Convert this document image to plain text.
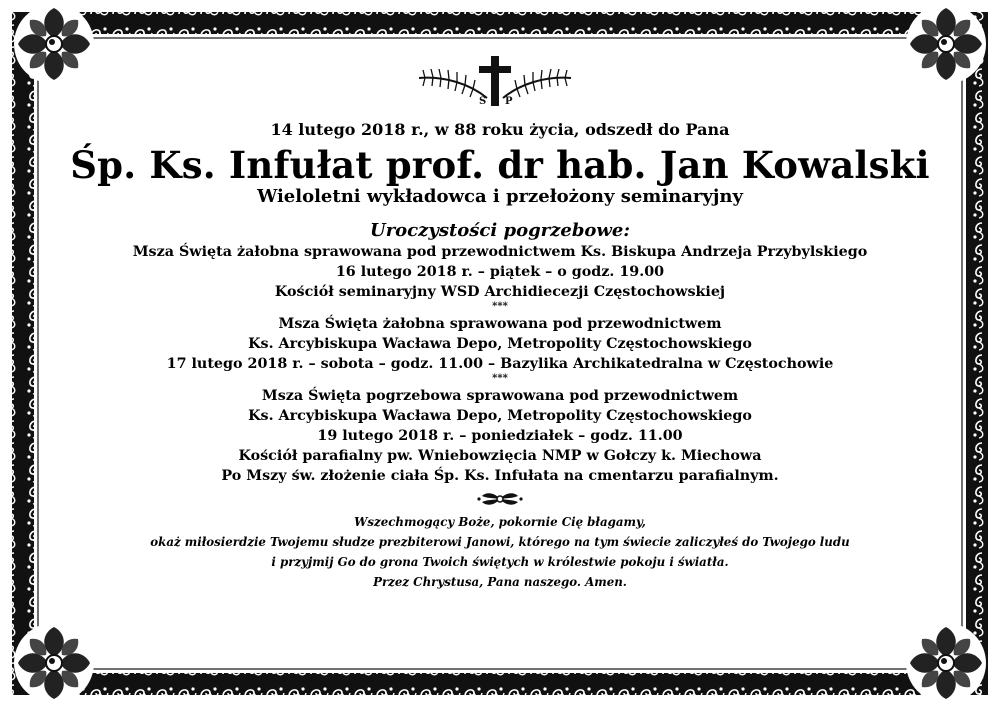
S P
14 lutego 2018 r., w 88 roku życia, odszedł do Pana
Śp. Ks. Infułat prof. dr hab. Jan Kowalski
Wieloletni wykładowca i przełożony seminaryjny
Uroczystości pogrzebowe:
Msza Święta żałobna sprawowana pod przewodnictwem Ks. Biskupa Andrzeja Przybylskiego
16 lutego 2018 r. – piątek – o godz. 19.00
Kościół seminaryjny WSD Archidiecezji Częstochowskiej
***
Msza Święta żałobna sprawowana pod przewodnictwem
Ks. Arcybiskupa Wacława Depo, Metropolity Częstochowskiego
17 lutego 2018 r. – sobota – godz. 11.00 – Bazylika Archikatedralna w Częstochowie
***
Msza Święta pogrzebowa sprawowana pod przewodnictwem
Ks. Arcybiskupa Wacława Depo, Metropolity Częstochowskiego
19 lutego 2018 r. – poniedziałek – godz. 11.00
Kościół parafialny pw. Wniebowzięcia NMP w Gołczy k. Miechowa
Po Mszy św. złożenie ciała Śp. Ks. Infułata na cmentarzu parafialnym.
Wszechmogący Boże, pokornie Cię błagamy,
okaż miłosierdzie Twojemu słudze prezbiterowi Janowi, którego na tym świecie zaliczyłeś do Twojego ludu
i przyjmij Go do grona Twoich świętych w królestwie pokoju i światła.
Przez Chrystusa, Pana naszego. Amen.
